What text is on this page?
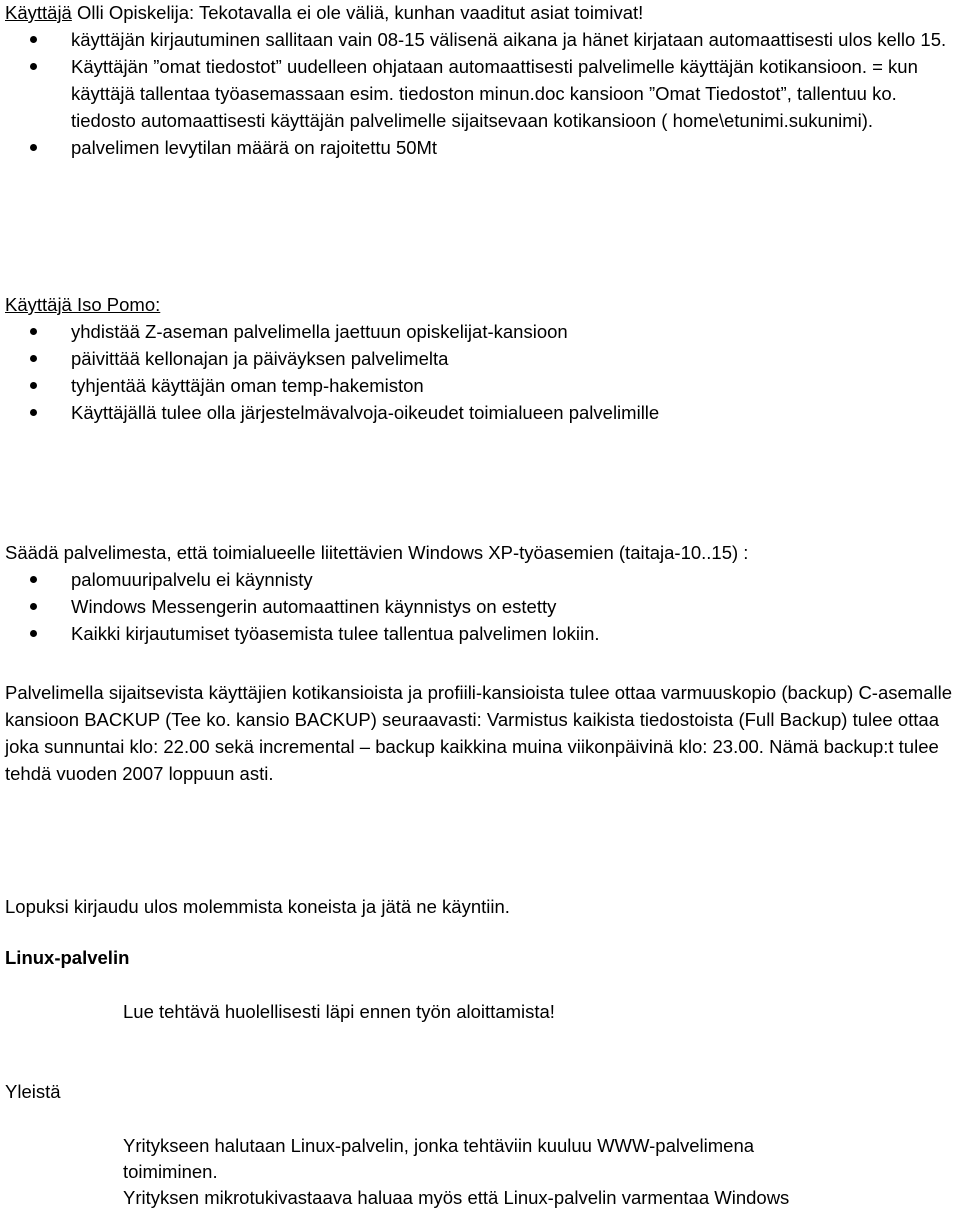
Käyttäjä Olli Opiskelija: Tekotavalla ei ole väliä, kunhan vaaditut asiat toimivat!
käyttäjän kirjautuminen sallitaan vain 08-15 välisenä aikana ja hänet kirjataan automaattisesti ulos kello 15.
Käyttäjän ”omat tiedostot” uudelleen ohjataan automaattisesti palvelimelle käyttäjän kotikansioon. = kun käyttäjä tallentaa työasemassaan esim. tiedoston minun.doc kansioon ”Omat Tiedostot”, tallentuu ko. tiedosto automaattisesti käyttäjän palvelimelle sijaitsevaan kotikansioon ( home\etunimi.sukunimi).
palvelimen levytilan määrä on rajoitettu 50Mt
Käyttäjä Iso Pomo:
yhdistää Z-aseman palvelimella jaettuun opiskelijat-kansioon
päivittää kellonajan ja päiväyksen palvelimelta
tyhjentää käyttäjän oman temp-hakemiston
Käyttäjällä tulee olla järjestelmävalvoja-oikeudet toimialueen palvelimille
Säädä palvelimesta, että toimialueelle liitettävien Windows XP-työasemien (taitaja-10..15) :
palomuuripalvelu ei käynnisty
Windows Messengerin automaattinen käynnistys on estetty
Kaikki kirjautumiset työasemista tulee tallentua palvelimen lokiin.
Palvelimella sijaitsevista käyttäjien kotikansioista ja profiili-kansioista tulee ottaa varmuuskopio (backup) C-asemalle kansioon BACKUP (Tee ko. kansio BACKUP) seuraavasti: Varmistus kaikista tiedostoista (Full Backup) tulee ottaa joka sunnuntai klo: 22.00 sekä incremental – backup kaikkina muina viikonpäivinä klo: 23.00. Nämä backup:t tulee tehdä vuoden 2007 loppuun asti.
Lopuksi kirjaudu ulos molemmista koneista ja jätä ne käyntiin.
Linux-palvelin
Lue tehtävä huolellisesti läpi ennen työn aloittamista!
Yleistä
Yritykseen halutaan Linux-palvelin, jonka tehtäviin kuuluu WWW-palvelimena
toimiminen.
Yrityksen mikrotukivastaava haluaa myös että Linux-palvelin varmentaa Windows
